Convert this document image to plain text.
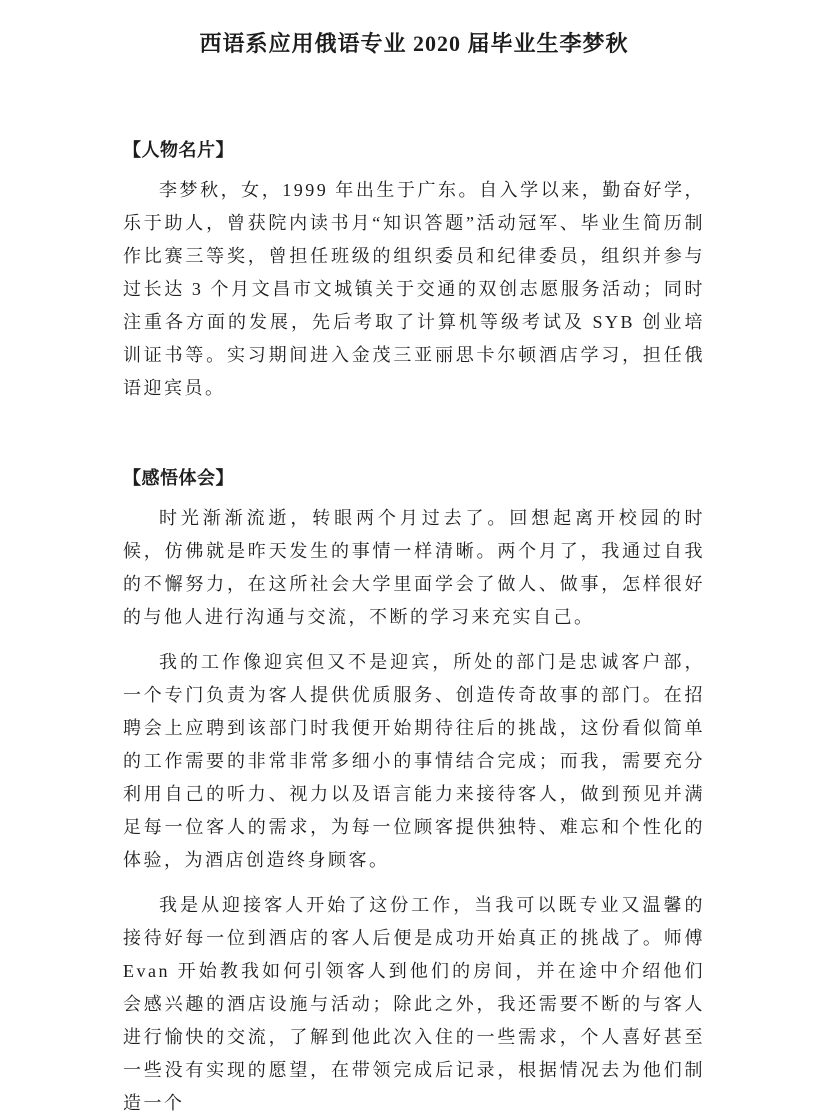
西语系应用俄语专业 2020 届毕业生李梦秋
【人物名片】

李梦秋，女，1999 年出生于广东。自入学以来，勤奋好学，乐于助人，曾获院内读书月“知识答题”活动冠军、毕业生简历制作比赛三等奖，曾担任班级的组织委员和纪律委员，组织并参与过长达 3 个月文昌市文城镇关于交通的双创志愿服务活动；同时注重各方面的发展，先后考取了计算机等级考试及 SYB 创业培训证书等。实习期间进入金茂三亚丽思卡尔顿酒店学习，担任俄语迎宾员。

【感悟体会】

时光渐渐流逝，转眼两个月过去了。回想起离开校园的时候，仿佛就是昨天发生的事情一样清晰。两个月了，我通过自我的不懈努力，在这所社会大学里面学会了做人、做事，怎样很好的与他人进行沟通与交流，不断的学习来充实自己。

我的工作像迎宾但又不是迎宾，所处的部门是忠诚客户部，一个专门负责为客人提供优质服务、创造传奇故事的部门。在招聘会上应聘到该部门时我便开始期待往后的挑战，这份看似简单的工作需要的非常非常多细小的事情结合完成；而我，需要充分利用自己的听力、视力以及语言能力来接待客人，做到预见并满足每一位客人的需求，为每一位顾客提供独特、难忘和个性化的体验，为酒店创造终身顾客。

我是从迎接客人开始了这份工作，当我可以既专业又温馨的接待好每一位到酒店的客人后便是成功开始真正的挑战了。师傅 Evan 开始教我如何引领客人到他们的房间，并在途中介绍他们会感兴趣的酒店设施与活动；除此之外，我还需要不断的与客人进行愉快的交流，了解到他此次入住的一些需求，个人喜好甚至一些没有实现的愿望，在带领完成后记录，根据情况去为他们制造一个
